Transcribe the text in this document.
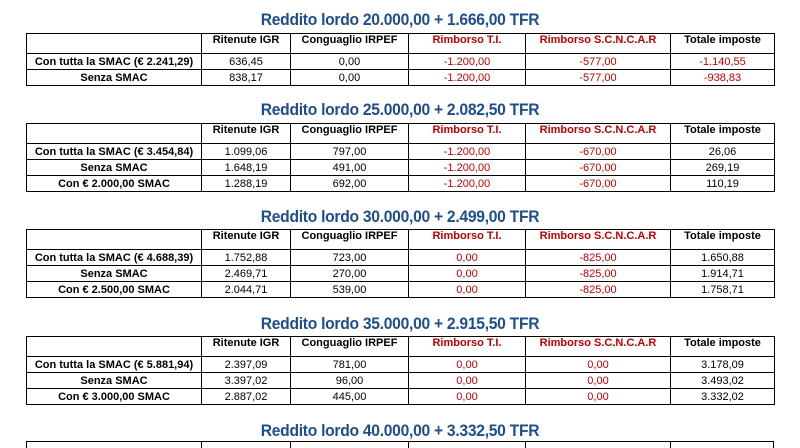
Reddito lordo 20.000,00 + 1.666,00 TFR
	Ritenute IGR	Conguaglio IRPEF	Rimborso T.I.	Rimborso S.C.N.C.A.R	Totale imposte
Con tutta la SMAC (€ 2.241,29)	636,45	0,00	-1.200,00	-577,00	-1.140,55
Senza SMAC	838,17	0,00	-1.200,00	-577,00	-938,83
Reddito lordo 25.000,00 + 2.082,50 TFR
	Ritenute IGR	Conguaglio IRPEF	Rimborso T.I.	Rimborso S.C.N.C.A.R	Totale imposte
Con tutta la SMAC (€ 3.454,84)	1.099,06	797,00	-1.200,00	-670,00	26,06
Senza SMAC	1.648,19	491,00	-1.200,00	-670,00	269,19
Con € 2.000,00 SMAC	1.288,19	692,00	-1.200,00	-670,00	110,19
Reddito lordo 30.000,00 + 2.499,00 TFR
	Ritenute IGR	Conguaglio IRPEF	Rimborso T.I.	Rimborso S.C.N.C.A.R	Totale imposte
Con tutta la SMAC (€ 4.688,39)	1.752,88	723,00	0,00	-825,00	1.650,88
Senza SMAC	2.469,71	270,00	0,00	-825,00	1.914,71
Con € 2.500,00 SMAC	2.044,71	539,00	0,00	-825,00	1.758,71
Reddito lordo 35.000,00 + 2.915,50 TFR
	Ritenute IGR	Conguaglio IRPEF	Rimborso T.I.	Rimborso S.C.N.C.A.R	Totale imposte
Con tutta la SMAC (€ 5.881,94)	2.397,09	781,00	0,00	0,00	3.178,09
Senza SMAC	3.397,02	96,00	0,00	0,00	3.493,02
Con € 3.000,00 SMAC	2.887,02	445,00	0,00	0,00	3.332,02
Reddito lordo 40.000,00 + 3.332,50 TFR
